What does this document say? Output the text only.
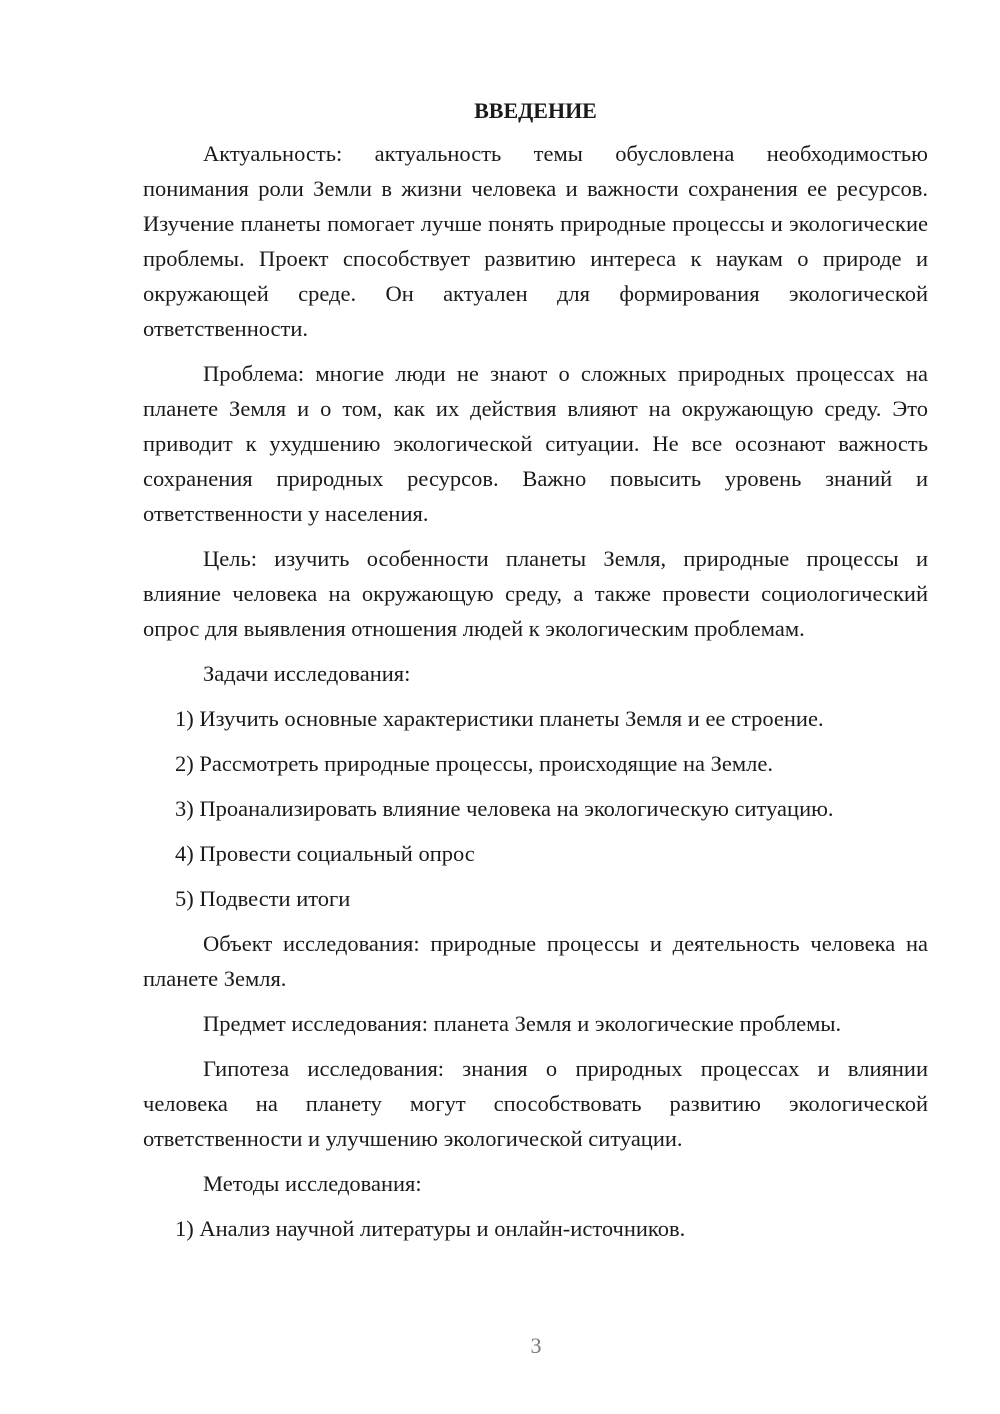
ВВЕДЕНИЕ

Актуальность: актуальность темы обусловлена необходимостью понимания роли Земли в жизни человека и важности сохранения ее ресурсов. Изучение планеты помогает лучше понять природные процессы и экологические проблемы. Проект способствует развитию интереса к наукам о природе и окружающей среде. Он актуален для формирования экологической ответственности.

Проблема: многие люди не знают о сложных природных процессах на планете Земля и о том, как их действия влияют на окружающую среду. Это приводит к ухудшению экологической ситуации. Не все осознают важность сохранения природных ресурсов. Важно повысить уровень знаний и ответственности у населения.

Цель: изучить особенности планеты Земля, природные процессы и влияние человека на окружающую среду, а также провести социологический опрос для выявления отношения людей к экологическим проблемам.

Задачи исследования:

1) Изучить основные характеристики планеты Земля и ее строение.
2) Рассмотреть природные процессы, происходящие на Земле.
3) Проанализировать влияние человека на экологическую ситуацию.
4) Провести социальный опрос
5) Подвести итоги

Объект исследования: природные процессы и деятельность человека на планете Земля.

Предмет исследования: планета Земля и экологические проблемы.

Гипотеза исследования: знания о природных процессах и влиянии человека на планету могут способствовать развитию экологической ответственности и улучшению экологической ситуации.

Методы исследования:

1) Анализ научной литературы и онлайн-источников.
3
